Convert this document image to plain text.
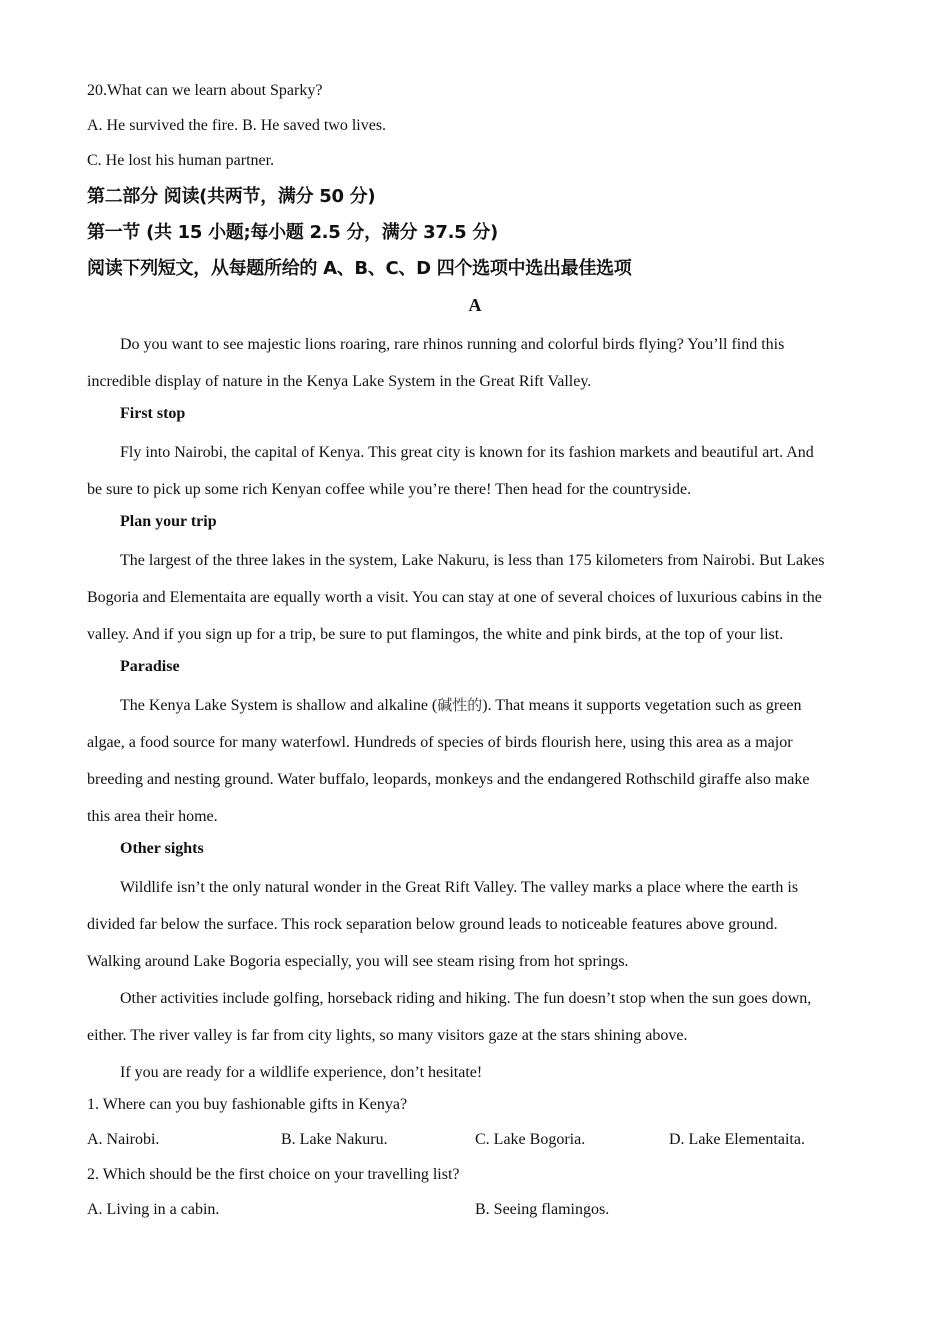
20.What can we learn about Sparky?

A. He survived the fire. B. He saved two lives.

C. He lost his human partner.

第二部分 阅读(共两节，满分 50 分)
第一节 (共 15 小题;每小题 2.5 分，满分 37.5 分)
阅读下列短文，从每题所给的 A、B、C、D 四个选项中选出最佳选项
A
Do you want to see majestic lions roaring, rare rhinos running and colorful birds flying? You’ll find this
incredible display of nature in the Kenya Lake System in the Great Rift Valley.
First stop
Fly into Nairobi, the capital of Kenya. This great city is known for its fashion markets and beautiful art. And
be sure to pick up some rich Kenyan coffee while you’re there! Then head for the countryside.
Plan your trip
The largest of the three lakes in the system, Lake Nakuru, is less than 175 kilometers from Nairobi. But Lakes
Bogoria and Elementaita are equally worth a visit. You can stay at one of several choices of luxurious cabins in the
valley. And if you sign up for a trip, be sure to put flamingos, the white and pink birds, at the top of your list.
Paradise
The Kenya Lake System is shallow and alkaline (碱性的). That means it supports vegetation such as green
algae, a food source for many waterfowl. Hundreds of species of birds flourish here, using this area as a major
breeding and nesting ground. Water buffalo, leopards, monkeys and the endangered Rothschild giraffe also make
this area their home.
Other sights
Wildlife isn’t the only natural wonder in the Great Rift Valley. The valley marks a place where the earth is
divided far below the surface. This rock separation below ground leads to noticeable features above ground.
Walking around Lake Bogoria especially, you will see steam rising from hot springs.
Other activities include golfing, horseback riding and hiking. The fun doesn’t stop when the sun goes down,
either. The river valley is far from city lights, so many visitors gaze at the stars shining above.
If you are ready for a wildlife experience, don’t hesitate!

1. Where can you buy fashionable gifts in Kenya?

A. Nairobi.	B. Lake Nakuru.	C. Lake Bogoria.	D. Lake Elementaita.

2. Which should be the first choice on your travelling list?

A. Living in a cabin.	B. Seeing flamingos.
